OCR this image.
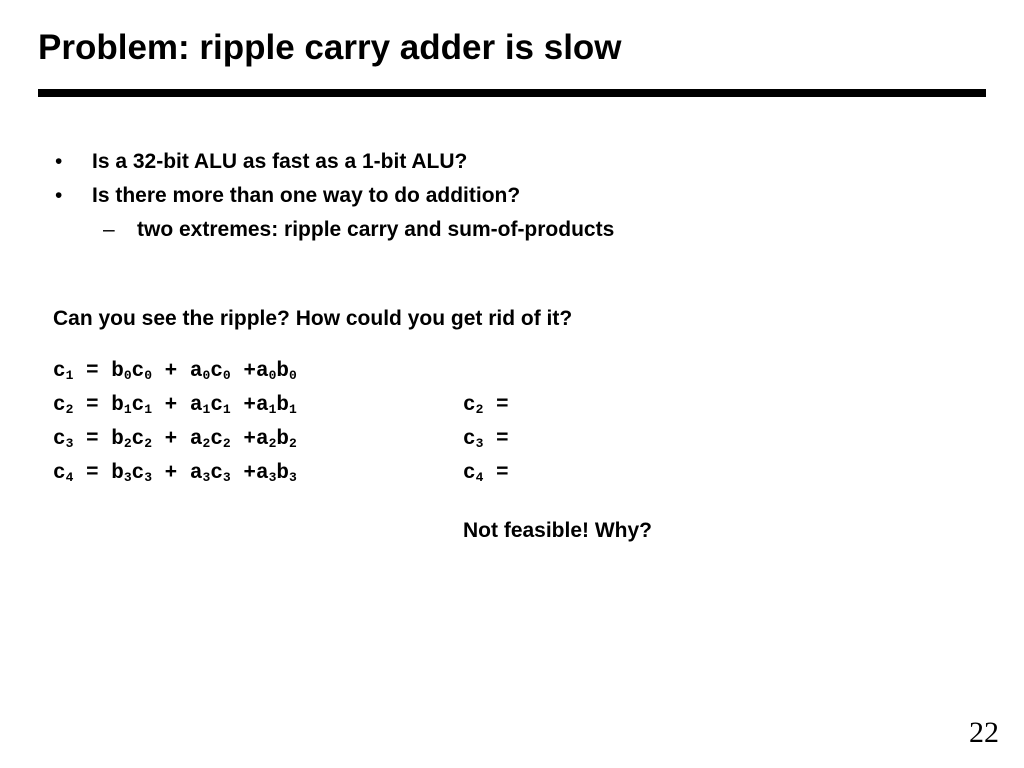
Problem: ripple carry adder is slow
•	Is a 32-bit ALU as fast as a 1-bit ALU?
•	Is there more than one way to do addition?
– two extremes: ripple carry and sum-of-products
Can you see the ripple? How could you get rid of it?
$c_1 = b_0c_0 + a_0c_0 +a_0b_0$
$c_2 = b_1c_1 + a_1c_1 +a_1b_1$	$c_2$ =
$c_3 = b_2c_2 + a_2c_2 +a_2b_2$	$c_3$ =
$c_4 = b_3c_3 + a_3c_3 +a_3b_3$	$c_4$ =
Not feasible! Why?
22
